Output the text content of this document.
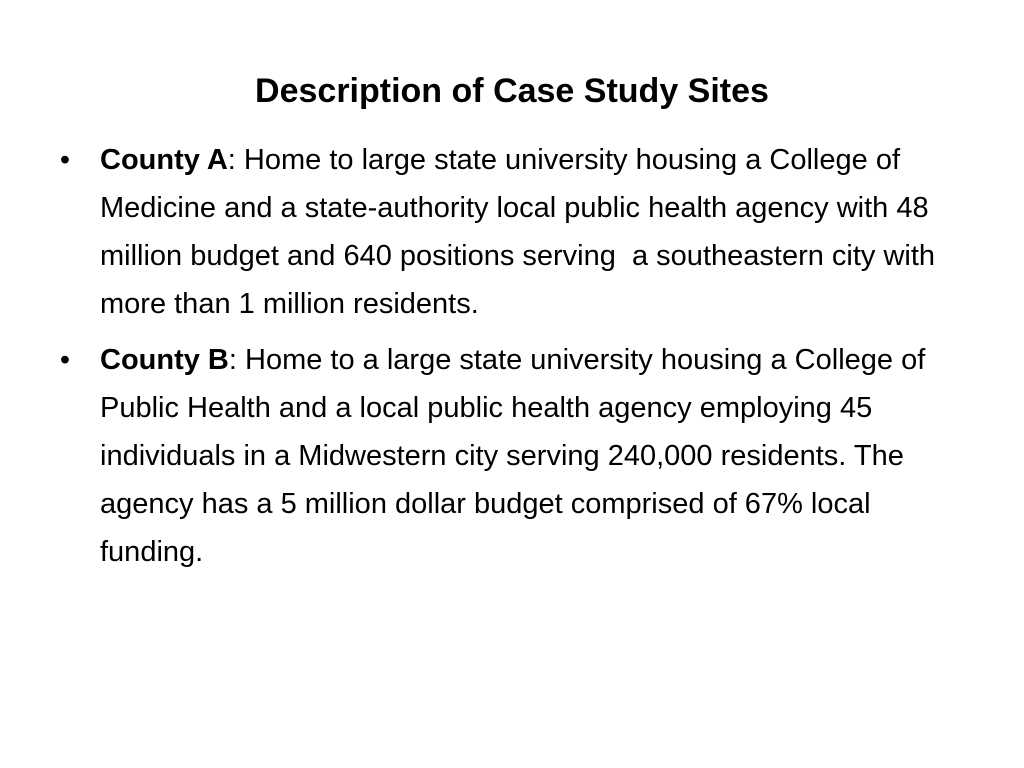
Description of Case Study Sites
• County A: Home to large state university housing a College of Medicine and a state-authority local public health agency with 48 million budget and 640 positions serving  a southeastern city with more than 1 million residents.
• County B: Home to a large state university housing a College of Public Health and a local public health agency employing 45 individuals in a Midwestern city serving 240,000 residents. The agency has a 5 million dollar budget comprised of 67% local funding.
